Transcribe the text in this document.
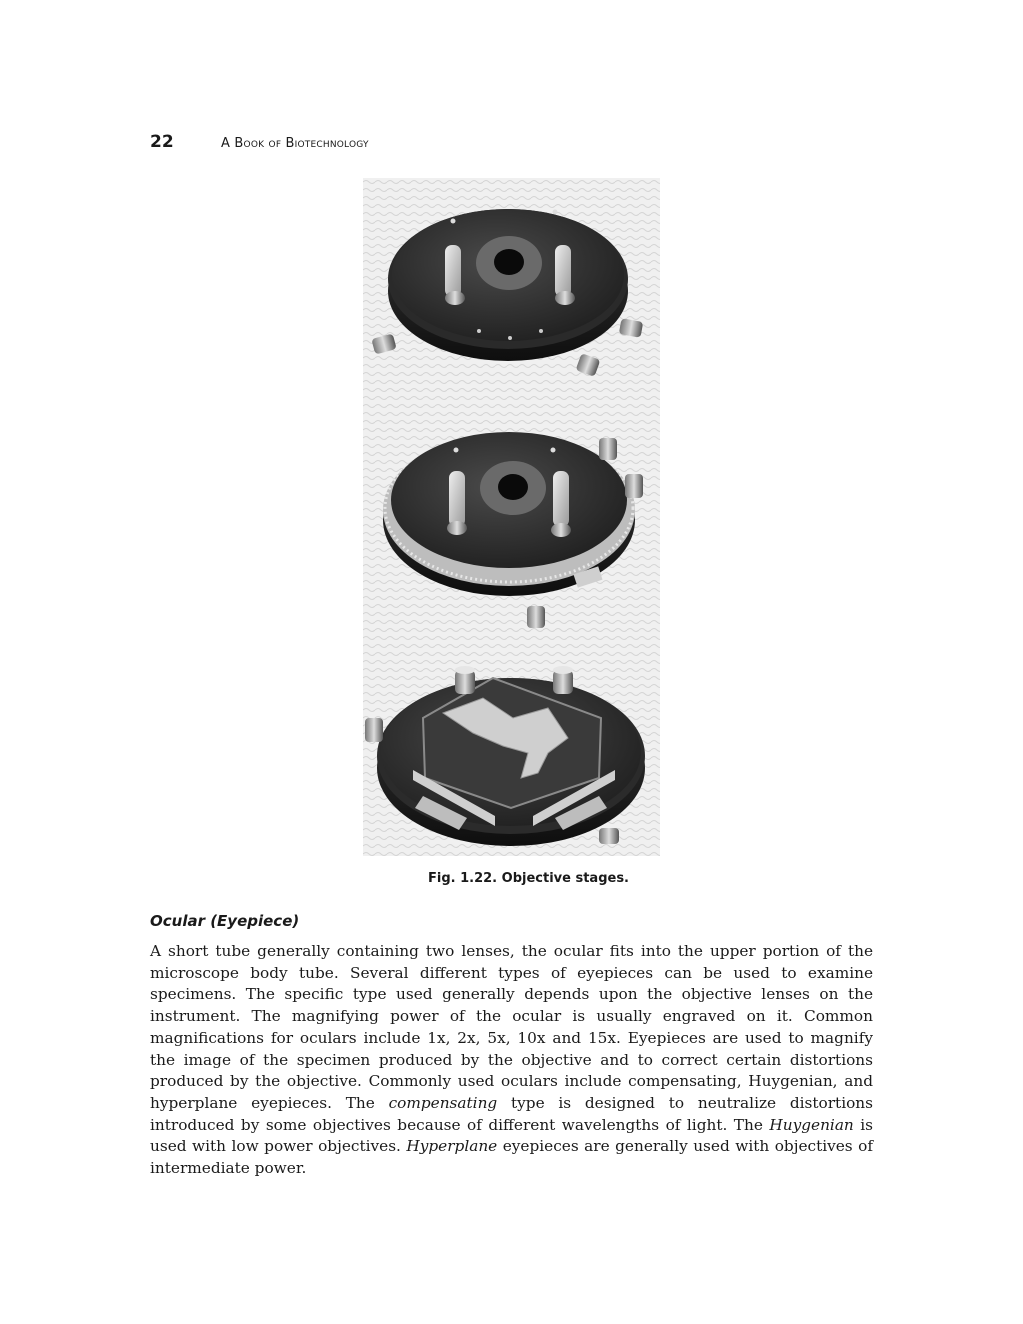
22	A Book of Biotechnology
Fig. 1.22. Objective stages.
Ocular (Eyepiece)

A short tube generally containing two lenses, the ocular fits into the upper portion of the microscope body tube. Several different types of eyepieces can be used to examine specimens. The specific type used generally depends upon the objective lenses on the instrument. The magnifying power of the ocular is usually engraved on it. Common magnifications for oculars include 1x, 2x, 5x, 10x and 15x. Eyepieces are used to magnify the image of the specimen produced by the objective and to correct certain distortions produced by the objective. Commonly used oculars include compensating, Huygenian, and hyperplane eyepieces. The compensating type is designed to neutralize distortions introduced by some objectives because of different wavelengths of light. The Huygenian is used with low power objectives. Hyperplane eyepieces are generally used with objectives of intermediate power.
